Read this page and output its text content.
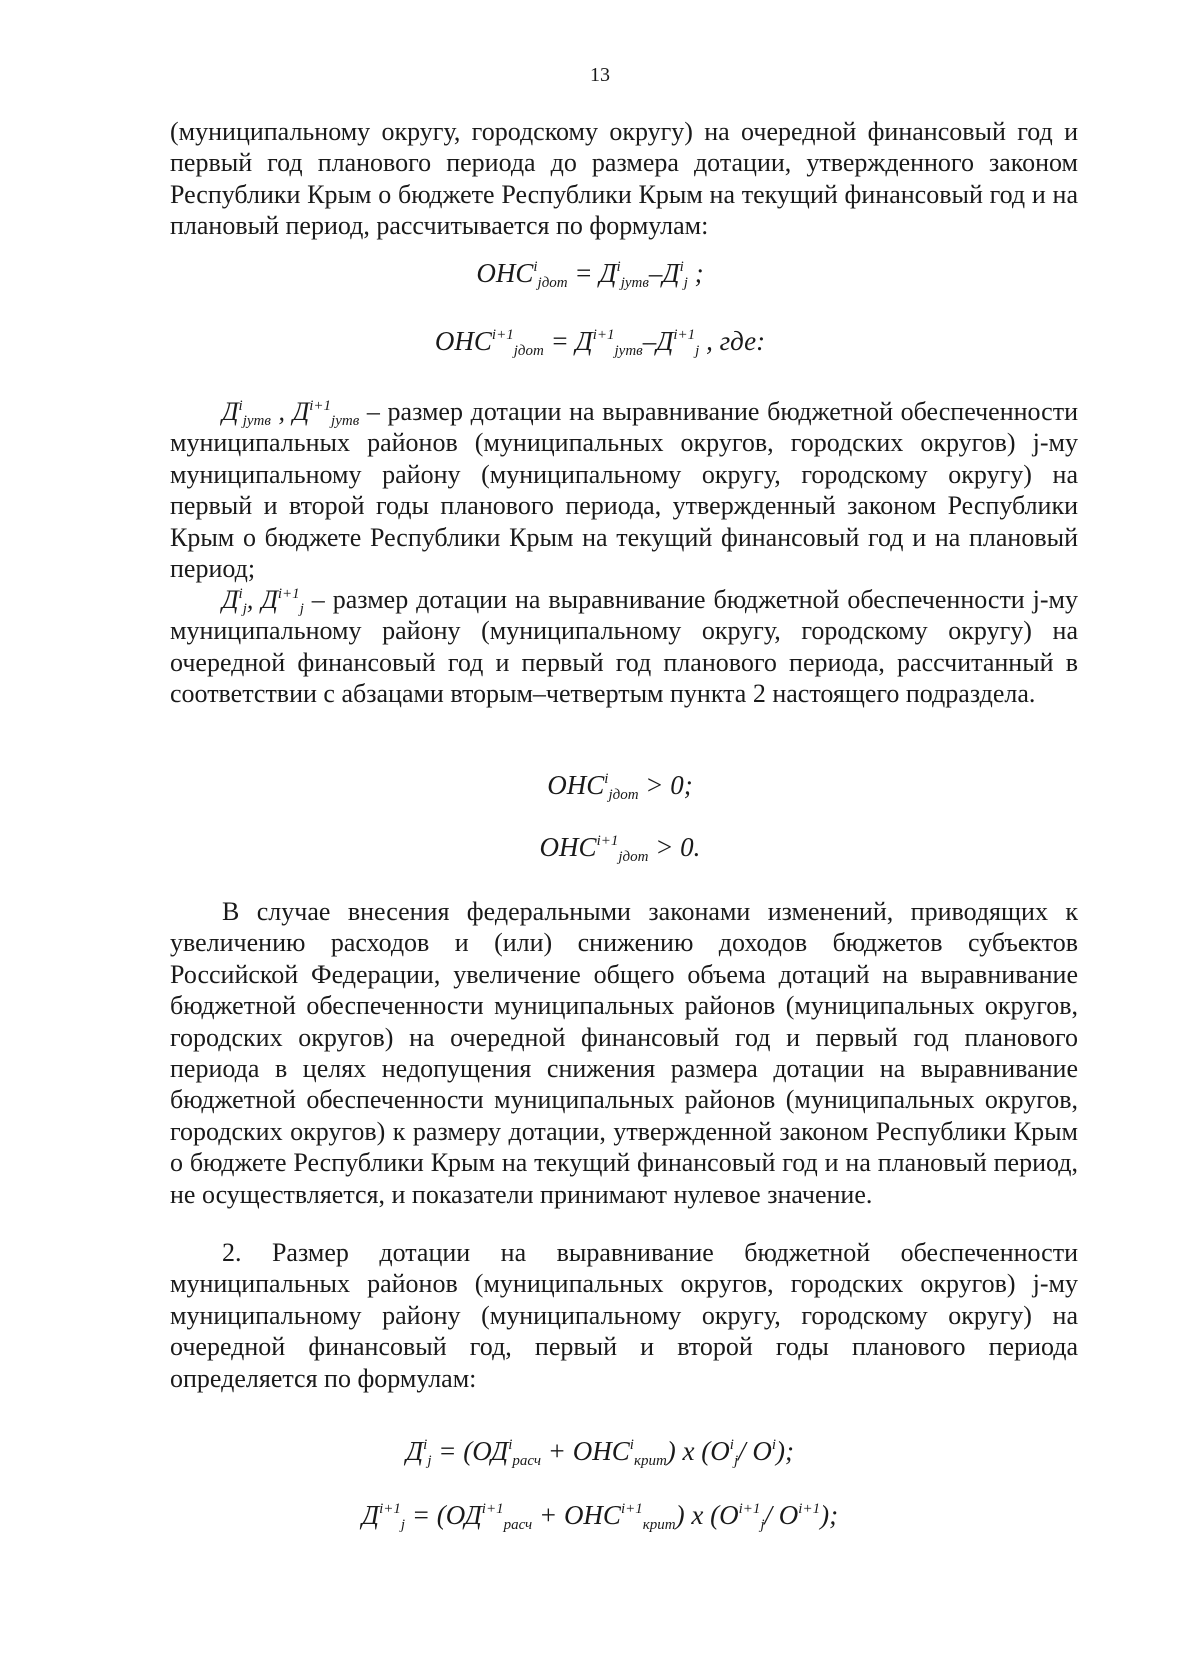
13
(муниципальному округу, городскому округу) на очередной финансовый год и первый год планового периода до размера дотации, утвержденного законом Республики Крым о бюджете Республики Крым на текущий финансовый год и на плановый период, рассчитывается по формулам:
$ОНС^i_{jдот} = Д^i_{jутв}-Д^i_j$ ;
$ОНС^{i+1}_{jдот} = Д^{i+1}_{jутв}-Д^{i+1}_j$ , где:
$Д^i_{jутв}$ , $Д^{i+1}_{jутв}$ – размер дотации на выравнивание бюджетной обеспеченности муниципальных районов (муниципальных округов, городских округов) j-му муниципальному району (муниципальному округу, городскому округу) на первый и второй годы планового периода, утвержденный законом Республики Крым о бюджете Республики Крым на текущий финансовый год и на плановый период;
$Д^i_j$, $Д^{i+1}_j$ – размер дотации на выравнивание бюджетной обеспеченности j-му муниципальному району (муниципальному округу, городскому округу) на очередной финансовый год и первый год планового периода, рассчитанный в соответствии с абзацами вторым–четвертым пункта 2 настоящего подраздела.
$ОНС^i_{jдот} > 0$;
$ОНС^{i+1}_{jдот} > 0$.
В случае внесения федеральными законами изменений, приводящих к увеличению расходов и (или) снижению доходов бюджетов субъектов Российской Федерации, увеличение общего объема дотаций на выравнивание бюджетной обеспеченности муниципальных районов (муниципальных округов, городских округов) на очередной финансовый год и первый год планового периода в целях недопущения снижения размера дотации на выравнивание бюджетной обеспеченности муниципальных районов (муниципальных округов, городских округов) к размеру дотации, утвержденной законом Республики Крым о бюджете Республики Крым на текущий финансовый год и на плановый период, не осуществляется, и показатели принимают нулевое значение.
2. Размер дотации на выравнивание бюджетной обеспеченности муниципальных районов (муниципальных округов, городских округов) j-му муниципальному району (муниципальному округу, городскому округу) на очередной финансовый год, первый и второй годы планового периода определяется по формулам:
$Д^i_j = (ОД^i_{расч} + ОНС^i_{крит})$ x ($О^i_j/$ $О^i$);
$Д^{i+1}_j = (ОД^{i+1}_{расч} + ОНС^{i+1}_{крит})$ x ($О^{i+1}_j/$ $О^{i+1}$);
